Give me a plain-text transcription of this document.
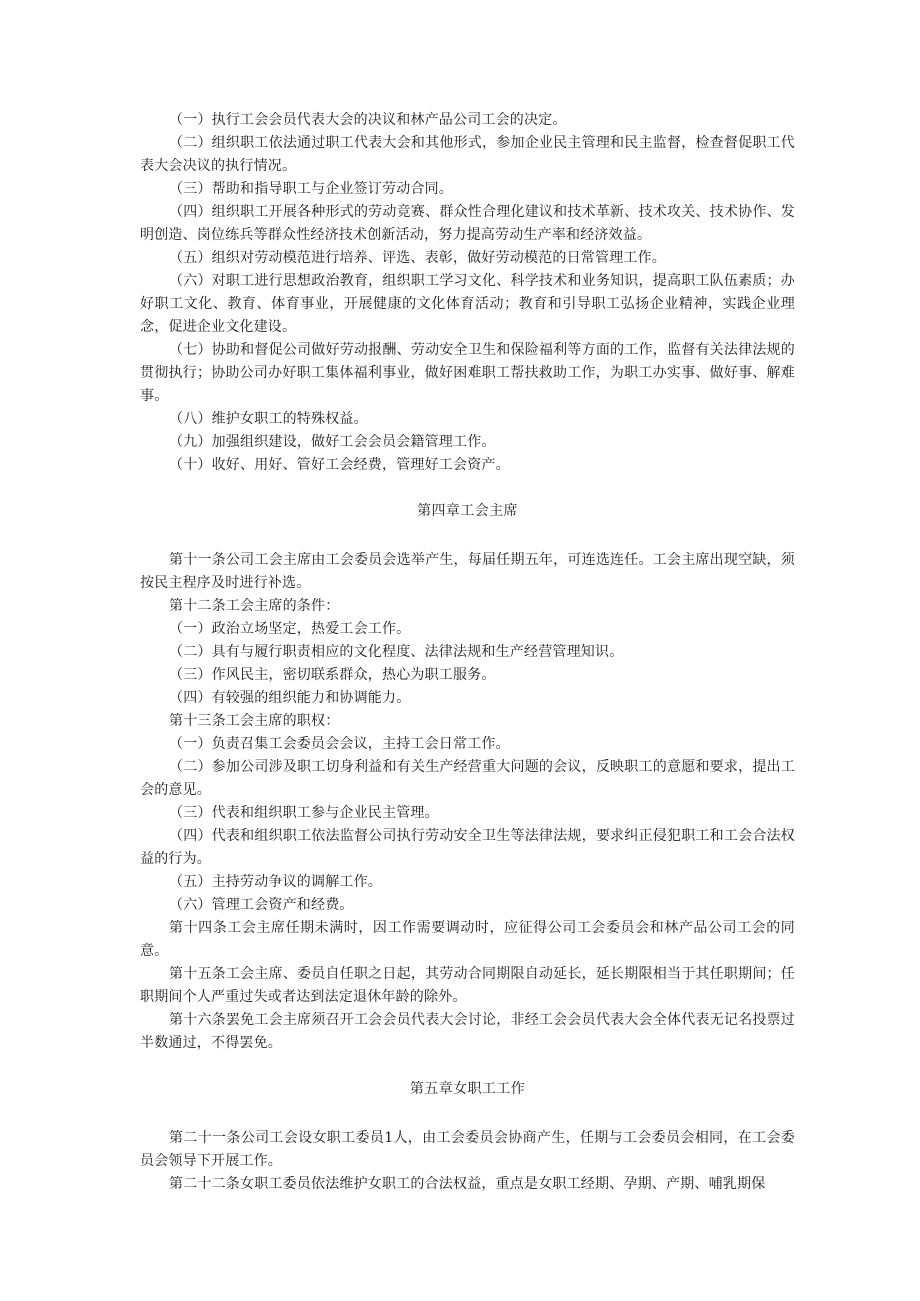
（一）执行工会会员代表大会的决议和林产品公司工会的决定。

（二）组织职工依法通过职工代表大会和其他形式，参加企业民主管理和民主监督，检查督促职工代表大会决议的执行情况。

（三）帮助和指导职工与企业签订劳动合同。

（四）组织职工开展各种形式的劳动竞赛、群众性合理化建议和技术革新、技术攻关、技术协作、发明创造、岗位练兵等群众性经济技术创新活动，努力提高劳动生产率和经济效益。

（五）组织对劳动模范进行培养、评选、表彰，做好劳动模范的日常管理工作。

（六）对职工进行思想政治教育，组织职工学习文化、科学技术和业务知识，提高职工队伍素质；办好职工文化、教育、体育事业，开展健康的文化体育活动；教育和引导职工弘扬企业精神，实践企业理念，促进企业文化建设。

（七）协助和督促公司做好劳动报酬、劳动安全卫生和保险福利等方面的工作，监督有关法律法规的贯彻执行；协助公司办好职工集体福利事业，做好困难职工帮扶救助工作，为职工办实事、做好事、解难事。

（八）维护女职工的特殊权益。

（九）加强组织建设，做好工会会员会籍管理工作。

（十）收好、用好、管好工会经费，管理好工会资产。

第四章工会主席

第十一条公司工会主席由工会委员会选举产生，每届任期五年，可连选连任。工会主席出现空缺，须按民主程序及时进行补选。

第十二条工会主席的条件：

（一）政治立场坚定，热爱工会工作。

（二）具有与履行职责相应的文化程度、法律法规和生产经营管理知识。

（三）作风民主，密切联系群众，热心为职工服务。

（四）有较强的组织能力和协调能力。

第十三条工会主席的职权：

（一）负责召集工会委员会会议，主持工会日常工作。

（二）参加公司涉及职工切身利益和有关生产经营重大问题的会议，反映职工的意愿和要求，提出工会的意见。

（三）代表和组织职工参与企业民主管理。

（四）代表和组织职工依法监督公司执行劳动安全卫生等法律法规，要求纠正侵犯职工和工会合法权益的行为。

（五）主持劳动争议的调解工作。

（六）管理工会资产和经费。

第十四条工会主席任期未满时，因工作需要调动时，应征得公司工会委员会和林产品公司工会的同意。

第十五条工会主席、委员自任职之日起，其劳动合同期限自动延长，延长期限相当于其任职期间；任职期间个人严重过失或者达到法定退休年龄的除外。

第十六条罢免工会主席须召开工会会员代表大会讨论，非经工会会员代表大会全体代表无记名投票过半数通过，不得罢免。

第五章女职工工作

第二十一条公司工会设女职工委员1人，由工会委员会协商产生，任期与工会委员会相同，在工会委员会领导下开展工作。

第二十二条女职工委员依法维护女职工的合法权益，重点是女职工经期、孕期、产期、哺乳期保
